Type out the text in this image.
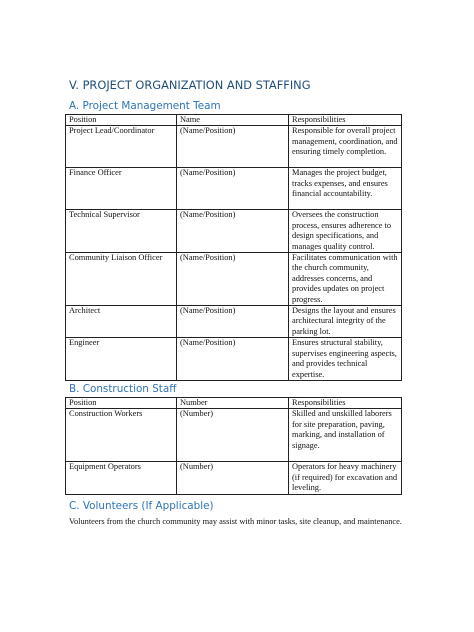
V. PROJECT ORGANIZATION AND STAFFING
A. Project Management Team
Position	Name	Responsibilities
Project Lead/Coordinator	(Name/Position)	Responsible for overall project management, coordination, and ensuring timely completion.
Finance Officer	(Name/Position)	Manages the project budget, tracks expenses, and ensures financial accountability.
Technical Supervisor	(Name/Position)	Oversees the construction process, ensures adherence to design specifications, and manages quality control.
Community Liaison Officer	(Name/Position)	Facilitates communication with the church community, addresses concerns, and provides updates on project progress.
Architect	(Name/Position)	Designs the layout and ensures architectural integrity of the parking lot.
Engineer	(Name/Position)	Ensures structural stability, supervises engineering aspects, and provides technical expertise.
B. Construction Staff
Position	Number	Responsibilities
Construction Workers	(Number)	Skilled and unskilled laborers for site preparation, paving, marking, and installation of signage.
Equipment Operators	(Number)	Operators for heavy machinery (if required) for excavation and leveling.
C. Volunteers (If Applicable)

Volunteers from the church community may assist with minor tasks, site cleanup, and maintenance.
